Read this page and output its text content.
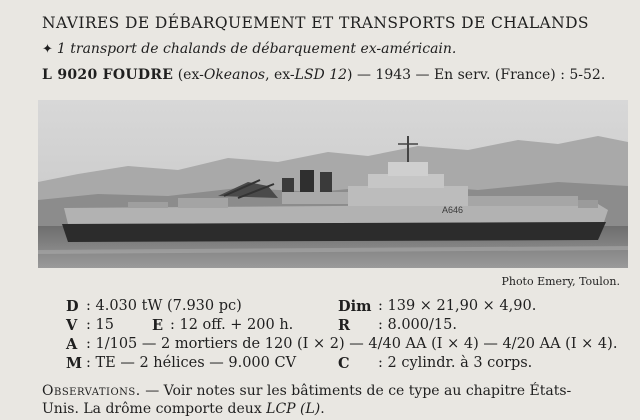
NAVIRES DE DÉBARQUEMENT ET TRANSPORTS DE CHALANDS
✦ 1 transport de chalands de débarquement ex-américain.
L 9020 FOUDRE (ex-Okeanos, ex-LSD 12) — 1943 — En serv. (France) : 5-52.
A646
Photo Emery, Toulon.
D : 4.030 tW (7.930 pc)	Dim : 139 × 21,90 × 4,90.
V : 15	E : 12 off. + 200 h.	R : 8.000/15.
A : 1/105 — 2 mortiers de 120 (I × 2) — 4/40 AA (I × 4) — 4/20 AA (I × 4).
M : TE — 2 hélices — 9.000 CV	C : 2 cylindr. à 3 corps.
Observations. — Voir notes sur les bâtiments de ce type au chapitre États-
Unis. La drôme comporte deux LCP (L).
